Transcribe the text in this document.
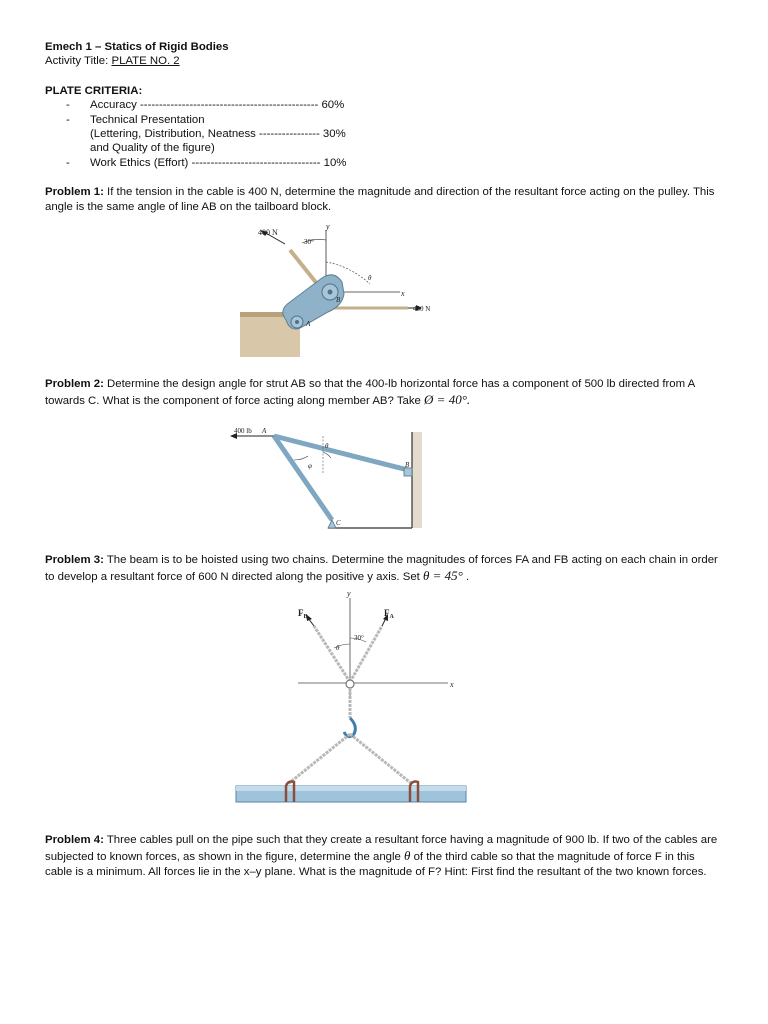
Emech 1 – Statics of Rigid Bodies
Activity Title: PLATE NO. 2
PLATE CRITERIA:
- Accuracy ----------------------------------------------- 60%
- Technical Presentation
(Lettering, Distribution, Neatness ---------------- 30%
and Quality of the figure)
- Work Ethics (Effort) ---------------------------------- 10%
Problem 1: If the tension in the cable is 400 N, determine the magnitude and direction of the resultant force acting on the pulley. This angle is the same angle of line AB on the tailboard block.
y
x
400 N
30°
400 N
θ
A
B
Problem 2: Determine the design angle for strut AB so that the 400-lb horizontal force has a component of 500 lb directed from A towards C. What is the component of force acting along member AB? Take Ø = 40°.
400 lb A
θ
φ	B
C
Problem 3: The beam is to be hoisted using two chains. Determine the magnitudes of forces FA and FB acting on each chain in order to develop a resultant force of 600 N directed along the positive y axis. Set θ = 45° .
y
x
$F_B$	$F_A$
θ
30°
Problem 4: Three cables pull on the pipe such that they create a resultant force having a magnitude of 900 lb. If two of the cables are subjected to known forces, as shown in the figure, determine the angle θ of the third cable so that the magnitude of force F in this cable is a minimum. All forces lie in the x–y plane. What is the magnitude of F? Hint: First find the resultant of the two known forces.
